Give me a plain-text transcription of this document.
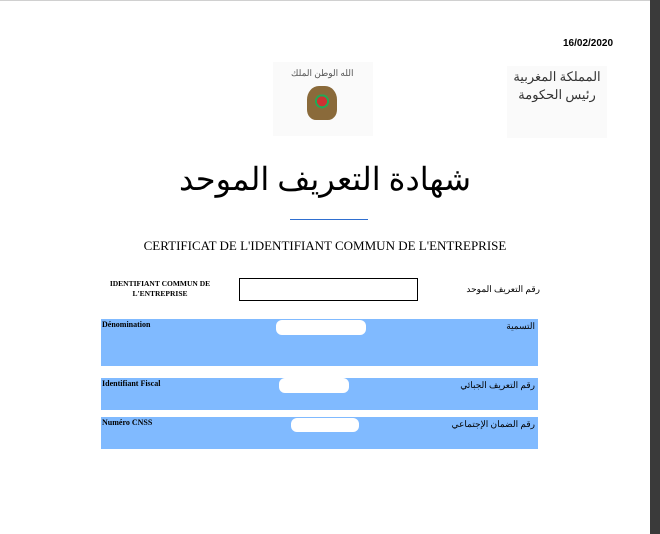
16/02/2020
الله الوطن الملك	المملكة المغربية
رئيس الحكومة
شهادة التعريف الموحد
CERTIFICAT DE L'IDENTIFIANT COMMUN DE L'ENTREPRISE
IDENTIFIANT COMMUN DE L'ENTREPRISE	رقم التعريف الموحد
Dénomination	التسمية
Identifiant Fiscal	رقم التعريف الجبائي
Numéro CNSS	رقم الضمان الإجتماعي
